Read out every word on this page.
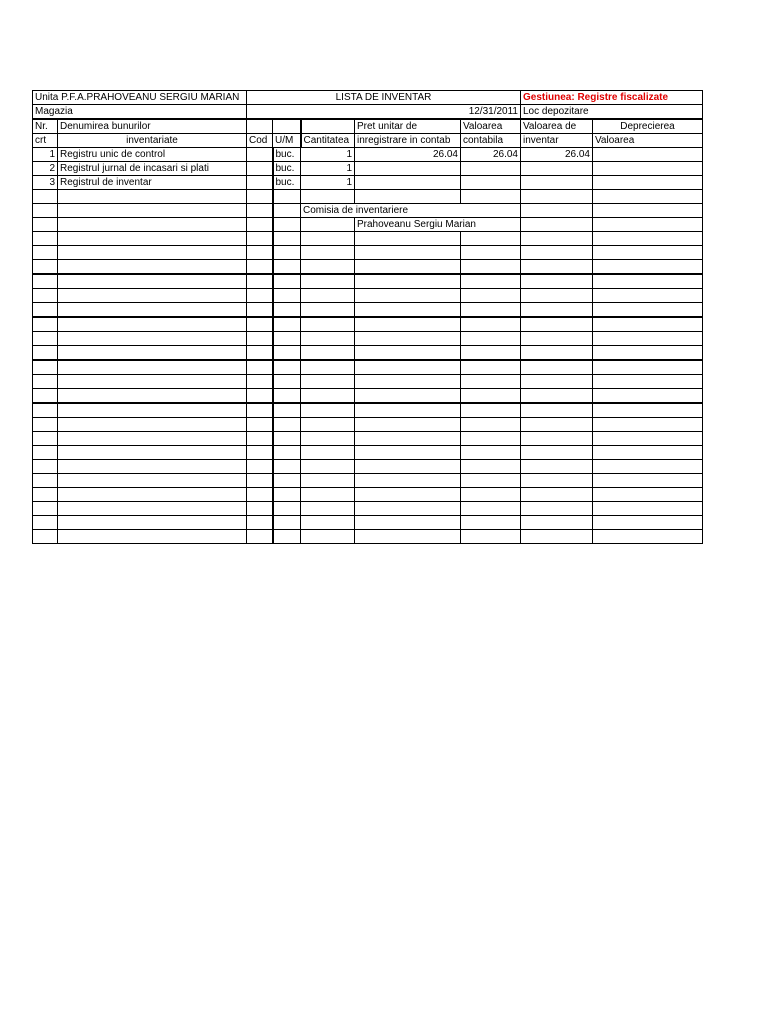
Unita P.F.A.PRAHOVEANU SERGIU MARIAN		LISTA DE INVENTAR					Gestiunea: Registre fiscalizate	
Magazia		12/31/2011					Loc depozitare	
Nr.	Denumirea bunurilor				Pret unitar de	Valoarea	Valoarea de	Deprecierea
crt	inventariate	Cod	U/M	Cantitatea	inregistrare in contab	contabila	inventar	Valoarea
1	Registru unic de control		buc.	1	26.04	26.04	26.04	
2	Registrul jurnal de incasari si plati		buc.	1				
3	Registrul de inventar		buc.	1				

				Comisia de inventariere				
					Prahoveanu Sergiu Marian			
